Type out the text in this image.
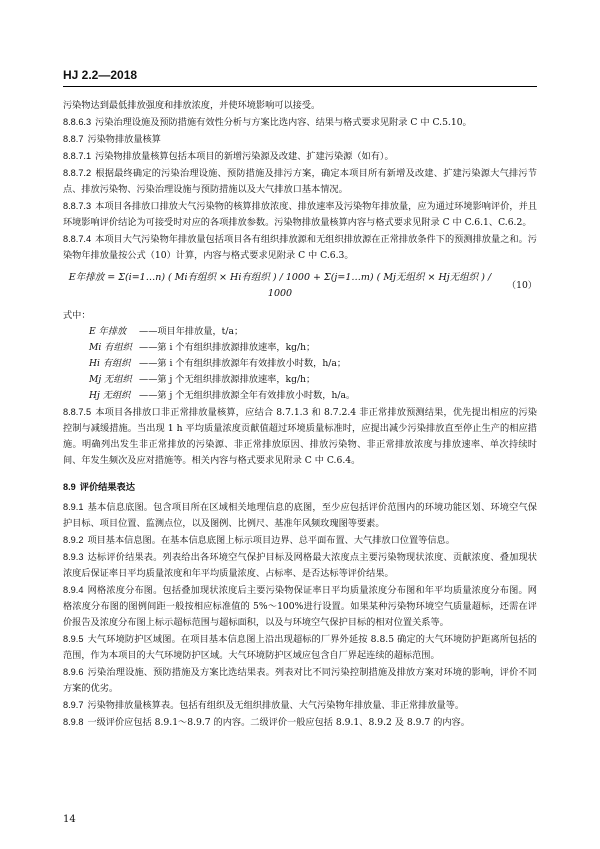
HJ 2.2—2018

污染物达到最低排放强度和排放浓度，并使环境影响可以接受。

8.8.6.3 污染治理设施及预防措施有效性分析与方案比选内容、结果与格式要求见附录 C 中 C.5.10。

8.8.7 污染物排放量核算

8.8.7.1 污染物排放量核算包括本项目的新增污染源及改建、扩建污染源（如有）。

8.8.7.2 根据最终确定的污染治理设施、预防措施及排污方案，确定本项目所有新增及改建、扩建污染源大气排污节点、排放污染物、污染治理设施与预防措施以及大气排放口基本情况。

8.8.7.3 本项目各排放口排放大气污染物的核算排放浓度、排放速率及污染物年排放量，应为通过环境影响评价，并且环境影响评价结论为可接受时对应的各项排放参数。污染物排放量核算内容与格式要求见附录 C 中 C.6.1、C.6.2。

8.8.7.4 本项目大气污染物年排放量包括项目各有组织排放源和无组织排放源在正常排放条件下的预测排放量之和。污染物年排放量按公式（10）计算，内容与格式要求见附录 C 中 C.6.3。

E年排放 = Σ(i=1…n) ( Mi有组织 × Hi有组织 ) / 1000 + Σ(j=1…m) ( Mj无组织 × Hj无组织 ) / 1000
（10）

式中：

E 年排放	——项目年排放量，t/a；
Mi 有组织 ——第 i 个有组织排放源排放速率，kg/h；
Hi 有组织 ——第 i 个有组织排放源年有效排放小时数，h/a；
Mj 无组织 ——第 j 个无组织排放源排放速率，kg/h；
Hj 无组织 ——第 j 个无组织排放源全年有效排放小时数，h/a。

8.8.7.5 本项目各排放口非正常排放量核算，应结合 8.7.1.3 和 8.7.2.4 非正常排放预测结果，优先提出相应的污染控制与减缓措施。当出现 1 h 平均质量浓度贡献值超过环境质量标准时，应提出减少污染排放直至停止生产的相应措施。明确列出发生非正常排放的污染源、非正常排放原因、排放污染物、非正常排放浓度与排放速率、单次持续时间、年发生频次及应对措施等。相关内容与格式要求见附录 C 中 C.6.4。

8.9 评价结果表达

8.9.1 基本信息底图。包含项目所在区域相关地理信息的底图，至少应包括评价范围内的环境功能区划、环境空气保护目标、项目位置、监测点位，以及图例、比例尺、基准年风频玫瑰图等要素。

8.9.2 项目基本信息图。在基本信息底图上标示项目边界、总平面布置、大气排放口位置等信息。

8.9.3 达标评价结果表。列表给出各环境空气保护目标及网格最大浓度点主要污染物现状浓度、贡献浓度、叠加现状浓度后保证率日平均质量浓度和年平均质量浓度、占标率、是否达标等评价结果。

8.9.4 网格浓度分布图。包括叠加现状浓度后主要污染物保证率日平均质量浓度分布图和年平均质量浓度分布图。网格浓度分布图的图例间距一般按相应标准值的 5%～100%进行设置。如果某种污染物环境空气质量超标，还需在评价报告及浓度分布图上标示超标范围与超标面积，以及与环境空气保护目标的相对位置关系等。

8.9.5 大气环境防护区域图。在项目基本信息图上沿出现超标的厂界外延按 8.8.5 确定的大气环境防护距离所包括的范围，作为本项目的大气环境防护区域。大气环境防护区域应包含自厂界起连续的超标范围。

8.9.6 污染治理设施、预防措施及方案比选结果表。列表对比不同污染控制措施及排放方案对环境的影响，评价不同方案的优劣。

8.9.7 污染物排放量核算表。包括有组织及无组织排放量、大气污染物年排放量、非正常排放量等。

8.9.8 一级评价应包括 8.9.1～8.9.7 的内容。二级评价一般应包括 8.9.1、8.9.2 及 8.9.7 的内容。

14
